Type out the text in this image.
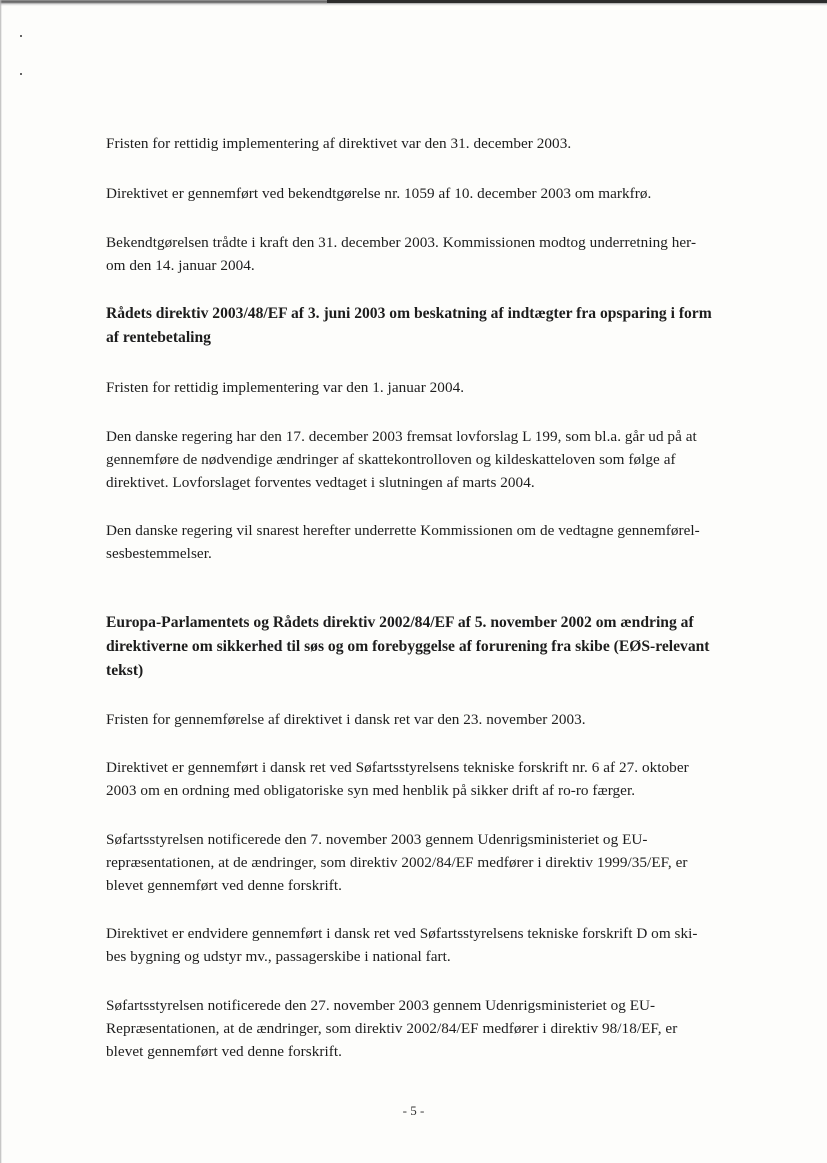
Fristen for rettidig implementering af direktivet var den 31. december 2003.

Direktivet er gennemført ved bekendtgørelse nr. 1059 af 10. december 2003 om markfrø.

Bekendtgørelsen trådte i kraft den 31. december 2003. Kommissionen modtog underretning her-
om den 14. januar 2004.

Rådets direktiv 2003/48/EF af 3. juni 2003 om beskatning af indtægter fra opsparing i form
af rentebetaling

Fristen for rettidig implementering var den 1. januar 2004.

Den danske regering har den 17. december 2003 fremsat lovforslag L 199, som bl.a. går ud på at
gennemføre de nødvendige ændringer af skattekontrolloven og kildeskatteloven som følge af
direktivet. Lovforslaget forventes vedtaget i slutningen af marts 2004.

Den danske regering vil snarest herefter underrette Kommissionen om de vedtagne gennemførel-
sesbestemmelser.

Europa-Parlamentets og Rådets direktiv 2002/84/EF af 5. november 2002 om ændring af
direktiverne om sikkerhed til søs og om forebyggelse af forurening fra skibe (EØS-relevant
tekst)

Fristen for gennemførelse af direktivet i dansk ret var den 23. november 2003.

Direktivet er gennemført i dansk ret ved Søfartsstyrelsens tekniske forskrift nr. 6 af 27. oktober
2003 om en ordning med obligatoriske syn med henblik på sikker drift af ro-ro færger.

Søfartsstyrelsen notificerede den 7. november 2003 gennem Udenrigsministeriet og EU-
repræsentationen, at de ændringer, som direktiv 2002/84/EF medfører i direktiv 1999/35/EF, er
blevet gennemført ved denne forskrift.

Direktivet er endvidere gennemført i dansk ret ved Søfartsstyrelsens tekniske forskrift D om ski-
bes bygning og udstyr mv., passagerskibe i national fart.

Søfartsstyrelsen notificerede den 27. november 2003 gennem Udenrigsministeriet og EU-
Repræsentationen, at de ændringer, som direktiv 2002/84/EF medfører i direktiv 98/18/EF, er
blevet gennemført ved denne forskrift.

- 5 -
